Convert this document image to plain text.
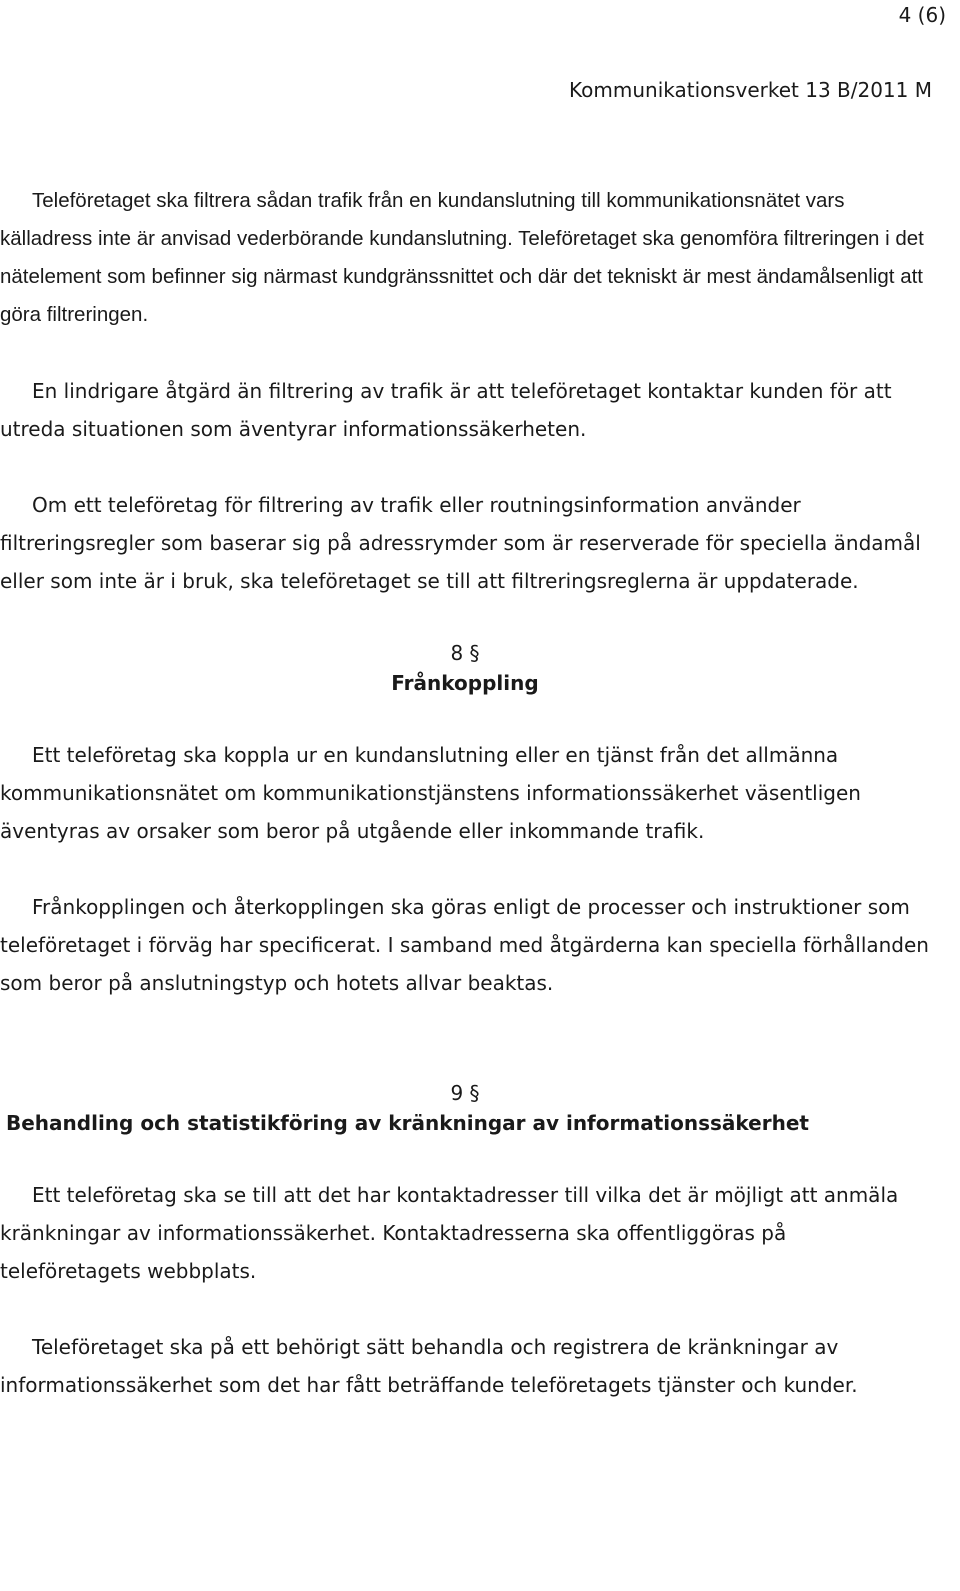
4 (6)
Kommunikationsverket 13 B/2011 M

Teleföretaget ska filtrera sådan trafik från en kundanslutning till kommunikationsnätet vars källadress inte är anvisad vederbörande kundanslutning. Teleföretaget ska genomföra filtreringen i det nätelement som befinner sig närmast kundgränssnittet och där det tekniskt är mest ändamålsenligt att göra filtreringen.

En lindrigare åtgärd än filtrering av trafik är att teleföretaget kontaktar kunden för att utreda situationen som äventyrar informationssäkerheten.

Om ett teleföretag för filtrering av trafik eller routningsinformation använder filtreringsregler som baserar sig på adressrymder som är reserverade för speciella ändamål eller som inte är i bruk, ska teleföretaget se till att filtreringsreglerna är uppdaterade.

8 §
Frånkoppling

Ett teleföretag ska koppla ur en kundanslutning eller en tjänst från det allmänna kommunikationsnätet om kommunikationstjänstens informationssäkerhet väsentligen äventyras av orsaker som beror på utgående eller inkommande trafik.

Frånkopplingen och återkopplingen ska göras enligt de processer och instruktioner som teleföretaget i förväg har specificerat. I samband med åtgärderna kan speciella förhållanden som beror på anslutningstyp och hotets allvar beaktas.

9 §
Behandling och statistikföring av kränkningar av informationssäkerhet

Ett teleföretag ska se till att det har kontaktadresser till vilka det är möjligt att anmäla kränkningar av informationssäkerhet. Kontaktadresserna ska offentliggöras på teleföretagets webbplats.

Teleföretaget ska på ett behörigt sätt behandla och registrera de kränkningar av informationssäkerhet som det har fått beträffande teleföretagets tjänster och kunder.
